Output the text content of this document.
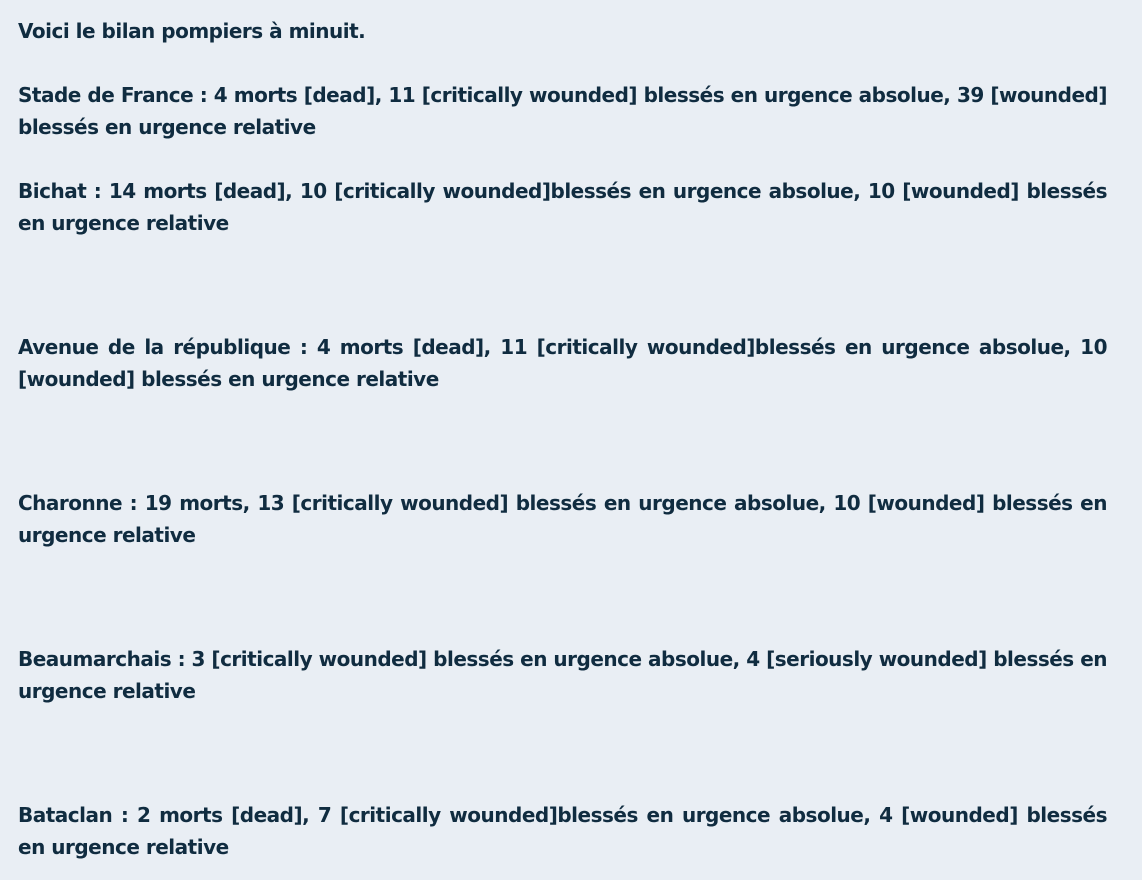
Voici le bilan pompiers à minuit.

Stade de France : 4 morts [dead], 11 [critically wounded] blessés en urgence absolue, 39 [wounded] blessés en urgence relative

Bichat : 14 morts [dead], 10 [critically wounded]blessés en urgence absolue, 10 [wounded] blessés en urgence relative

Avenue de la république : 4 morts [dead], 11 [critically wounded]blessés en urgence absolue, 10 [wounded] blessés en urgence relative

Charonne : 19 morts, 13 [critically wounded] blessés en urgence absolue, 10 [wounded] blessés en urgence relative

Beaumarchais : 3 [critically wounded] blessés en urgence absolue, 4 [seriously wounded] blessés en urgence relative

Bataclan : 2 morts [dead], 7 [critically wounded]blessés en urgence absolue, 4 [wounded] blessés en urgence relative
